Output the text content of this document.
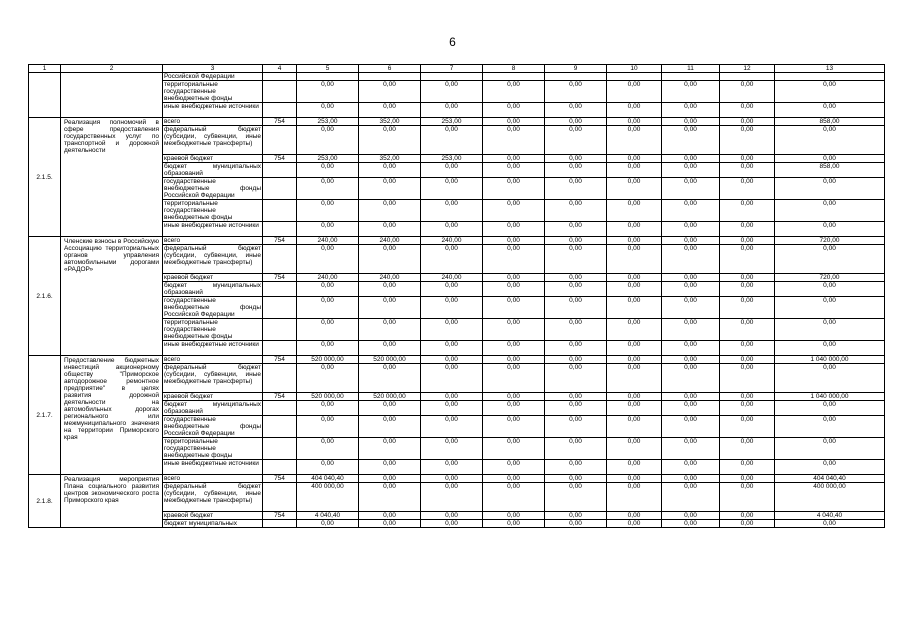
6
1	2	3	4	5	6	7	8	9	10	11	12	13
		Российской Федерации										
		территориальные государственные внебюджетные фонды		0,00	0,00	0,00	0,00	0,00	0,00	0,00	0,00	0,00
		иные внебюджетные источники		0,00	0,00	0,00	0,00	0,00	0,00	0,00	0,00	0,00
2.1.5.	Реализация полномочий в сфере предоставления государственных услуг по транспортной и дорожной деятельности	всего	754	253,00	352,00	253,00	0,00	0,00	0,00	0,00	0,00	858,00
		федеральный бюджет (субсидии, субвенции, иные межбюджетные трансферты)		0,00	0,00	0,00	0,00	0,00	0,00	0,00	0,00	0,00
		краевой бюджет	754	253,00	352,00	253,00	0,00	0,00	0,00	0,00	0,00	0,00
		бюджет муниципальных образований		0,00	0,00	0,00	0,00	0,00	0,00	0,00	0,00	858,00
		государственные внебюджетные фонды Российской Федерации		0,00	0,00	0,00	0,00	0,00	0,00	0,00	0,00	0,00
		территориальные государственные внебюджетные фонды		0,00	0,00	0,00	0,00	0,00	0,00	0,00	0,00	0,00
		иные внебюджетные источники		0,00	0,00	0,00	0,00	0,00	0,00	0,00	0,00	0,00
2.1.6.	Членские взносы в Российскую Ассоциацию территориальных органов управления автомобильными дорогами «РАДОР»	всего	754	240,00	240,00	240,00	0,00	0,00	0,00	0,00	0,00	720,00
		федеральный бюджет (субсидии, субвенции, иные межбюджетные трансферты)		0,00	0,00	0,00	0,00	0,00	0,00	0,00	0,00	0,00
		краевой бюджет	754	240,00	240,00	240,00	0,00	0,00	0,00	0,00	0,00	720,00
		бюджет муниципальных образований		0,00	0,00	0,00	0,00	0,00	0,00	0,00	0,00	0,00
		государственные внебюджетные фонды Российской Федерации		0,00	0,00	0,00	0,00	0,00	0,00	0,00	0,00	0,00
		территориальные государственные внебюджетные фонды		0,00	0,00	0,00	0,00	0,00	0,00	0,00	0,00	0,00
		иные внебюджетные источники		0,00	0,00	0,00	0,00	0,00	0,00	0,00	0,00	0,00
2.1.7.	Предоставление бюджетных инвестиций акционерному обществу "Приморское автодорожное ремонтное предприятие" в целях развития дорожной деятельности на автомобильных дорогах регионального или межмуниципального значения на территории Приморского края	всего	754	520 000,00	520 000,00	0,00	0,00	0,00	0,00	0,00	0,00	1 040 000,00
		федеральный бюджет (субсидии, субвенции, иные межбюджетные трансферты)		0,00	0,00	0,00	0,00	0,00	0,00	0,00	0,00	0,00
		краевой бюджет	754	520 000,00	520 000,00	0,00	0,00	0,00	0,00	0,00	0,00	1 040 000,00
		бюджет муниципальных образований		0,00	0,00	0,00	0,00	0,00	0,00	0,00	0,00	0,00
		государственные внебюджетные фонды Российской Федерации		0,00	0,00	0,00	0,00	0,00	0,00	0,00	0,00	0,00
		территориальные государственные внебюджетные фонды		0,00	0,00	0,00	0,00	0,00	0,00	0,00	0,00	0,00
		иные внебюджетные источники		0,00	0,00	0,00	0,00	0,00	0,00	0,00	0,00	0,00
2.1.8.	Реализация мероприятия Плана социального развития центров экономического роста Приморского края	всего	754	404 040,40	0,00	0,00	0,00	0,00	0,00	0,00	0,00	404 040,40
		федеральный бюджет (субсидии, субвенции, иные межбюджетные трансферты)		400 000,00	0,00	0,00	0,00	0,00	0,00	0,00	0,00	400 000,00
		краевой бюджет	754	4 040,40	0,00	0,00	0,00	0,00	0,00	0,00	0,00	4 040,40
		бюджет муниципальных		0,00	0,00	0,00	0,00	0,00	0,00	0,00	0,00	0,00
